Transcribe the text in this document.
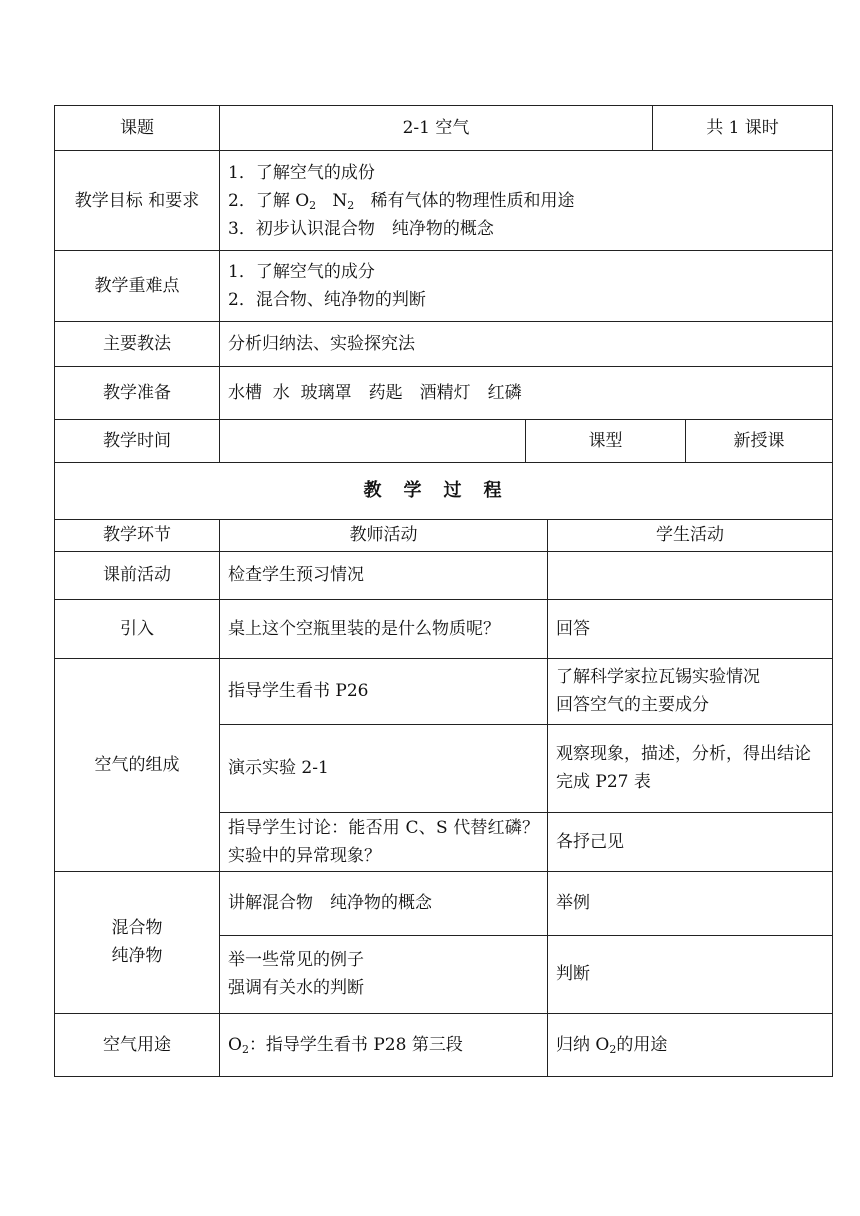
课题	2-1 空气		共 1 课时	
教学目标 和要求	1．了解空气的成份
2．了解 $O_2$ $N_2$ 稀有气体的物理性质和用途
3．初步认识混合物　纯净物的概念			

教学重难点	1．了解空气的成分
2．混合物、纯净物的判断			

主要教法	分析归纳法、实验探究法			
教学准备	水槽  水  玻璃罩　药匙　酒精灯　红磷			
教学时间		课型		新授课
教学过程				
教学环节	教师活动	学生活动
课前活动	检查学生预习情况	
引入	桌上这个空瓶里装的是什么物质呢？	回答
空气的组成	指导学生看书 P26	了解科学家拉瓦锡实验情况
回答空气的主要成分

	演示实验 2-1	观察现象，描述，分析，得出结论
完成 P27 表

	指导学生讨论：能否用 C、S 代替红磷？实验中的异常现象？	各抒己见

混合物
纯净物	讲解混合物　纯净物的概念	举例

	举一些常见的例子
强调有关水的判断	判断
空气用途	$O_2$：指导学生看书 P28 第三段	归纳 $O_2$的用途
